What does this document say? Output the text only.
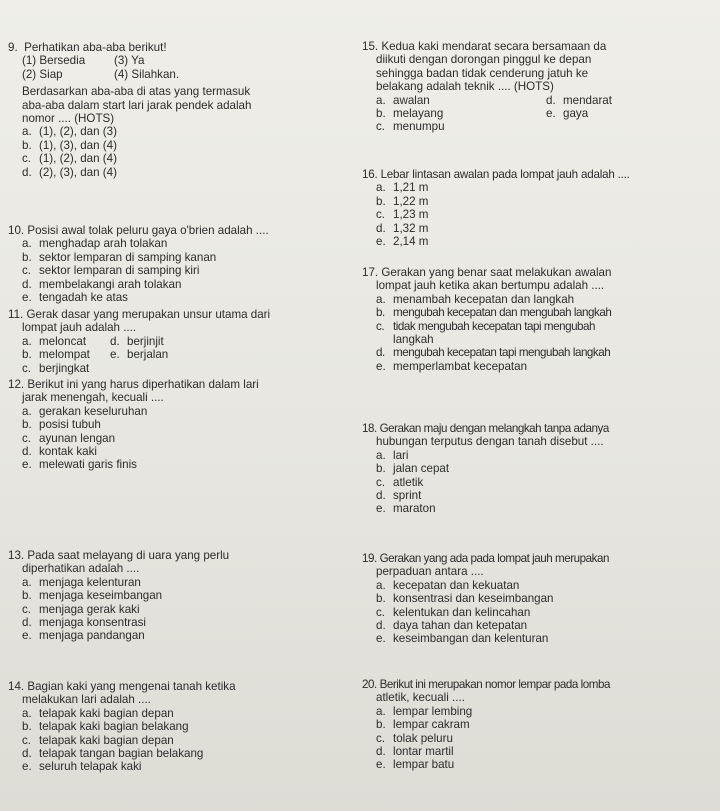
9. Perhatikan aba-aba berikut!
(1) Bersedia	(3) Ya
(2) Siap	(4) Silahkan.
Berdasarkan aba-aba di atas yang termasuk
aba-aba dalam start lari jarak pendek adalah
nomor .... (HOTS)
a. (1), (2), dan (3)
b. (1), (3), dan (4)
c. (1), (2), dan (4)
d. (2), (3), dan (4)
10. Posisi awal tolak peluru gaya o'brien adalah ....
a. menghadap arah tolakan
b. sektor lemparan di samping kanan
c. sektor lemparan di samping kiri
d. membelakangi arah tolakan
e. tengadah ke atas
11. Gerak dasar yang merupakan unsur utama dari
lompat jauh adalah ....
a. meloncat	d. berjinjit
b. melompat	e. berjalan
c. berjingkat
12. Berikut ini yang harus diperhatikan dalam lari
jarak menengah, kecuali ....
a. gerakan keseluruhan
b. posisi tubuh
c. ayunan lengan
d. kontak kaki
e. melewati garis finis
13. Pada saat melayang di uara yang perlu
diperhatikan adalah ....
a. menjaga kelenturan
b. menjaga keseimbangan
c. menjaga gerak kaki
d. menjaga konsentrasi
e. menjaga pandangan
14. Bagian kaki yang mengenai tanah ketika
melakukan lari adalah ....
a. telapak kaki bagian depan
b. telapak kaki bagian belakang
c. telapak kaki bagian depan
d. telapak tangan bagian belakang
e. seluruh telapak kaki
15. Kedua kaki mendarat secara bersamaan da
diikuti dengan dorongan pinggul ke depan
sehingga badan tidak cenderung jatuh ke
belakang adalah teknik .... (HOTS)
a. awalan	d. mendarat
b. melayang	e. gaya
c. menumpu
16. Lebar lintasan awalan pada lompat jauh adalah ....
a. 1,21 m
b. 1,22 m
c. 1,23 m
d. 1,32 m
e. 2,14 m
17. Gerakan yang benar saat melakukan awalan
lompat jauh ketika akan bertumpu adalah ....
a. menambah kecepatan dan langkah
b. mengubah kecepatan dan mengubah langkah
c. tidak mengubah kecepatan tapi mengubah
langkah
d. mengubah kecepatan tapi mengubah langkah
e. memperlambat kecepatan
18. Gerakan maju dengan melangkah tanpa adanya
hubungan terputus dengan tanah disebut ....
a. lari
b. jalan cepat
c. atletik
d. sprint
e. maraton
19. Gerakan yang ada pada lompat jauh merupakan
perpaduan antara ....
a. kecepatan dan kekuatan
b. konsentrasi dan keseimbangan
c. kelentukan dan kelincahan
d. daya tahan dan ketepatan
e. keseimbangan dan kelenturan
20. Berikut ini merupakan nomor lempar pada lomba
atletik, kecuali ....
a. lempar lembing
b. lempar cakram
c. tolak peluru
d. lontar martil
e. lempar batu
